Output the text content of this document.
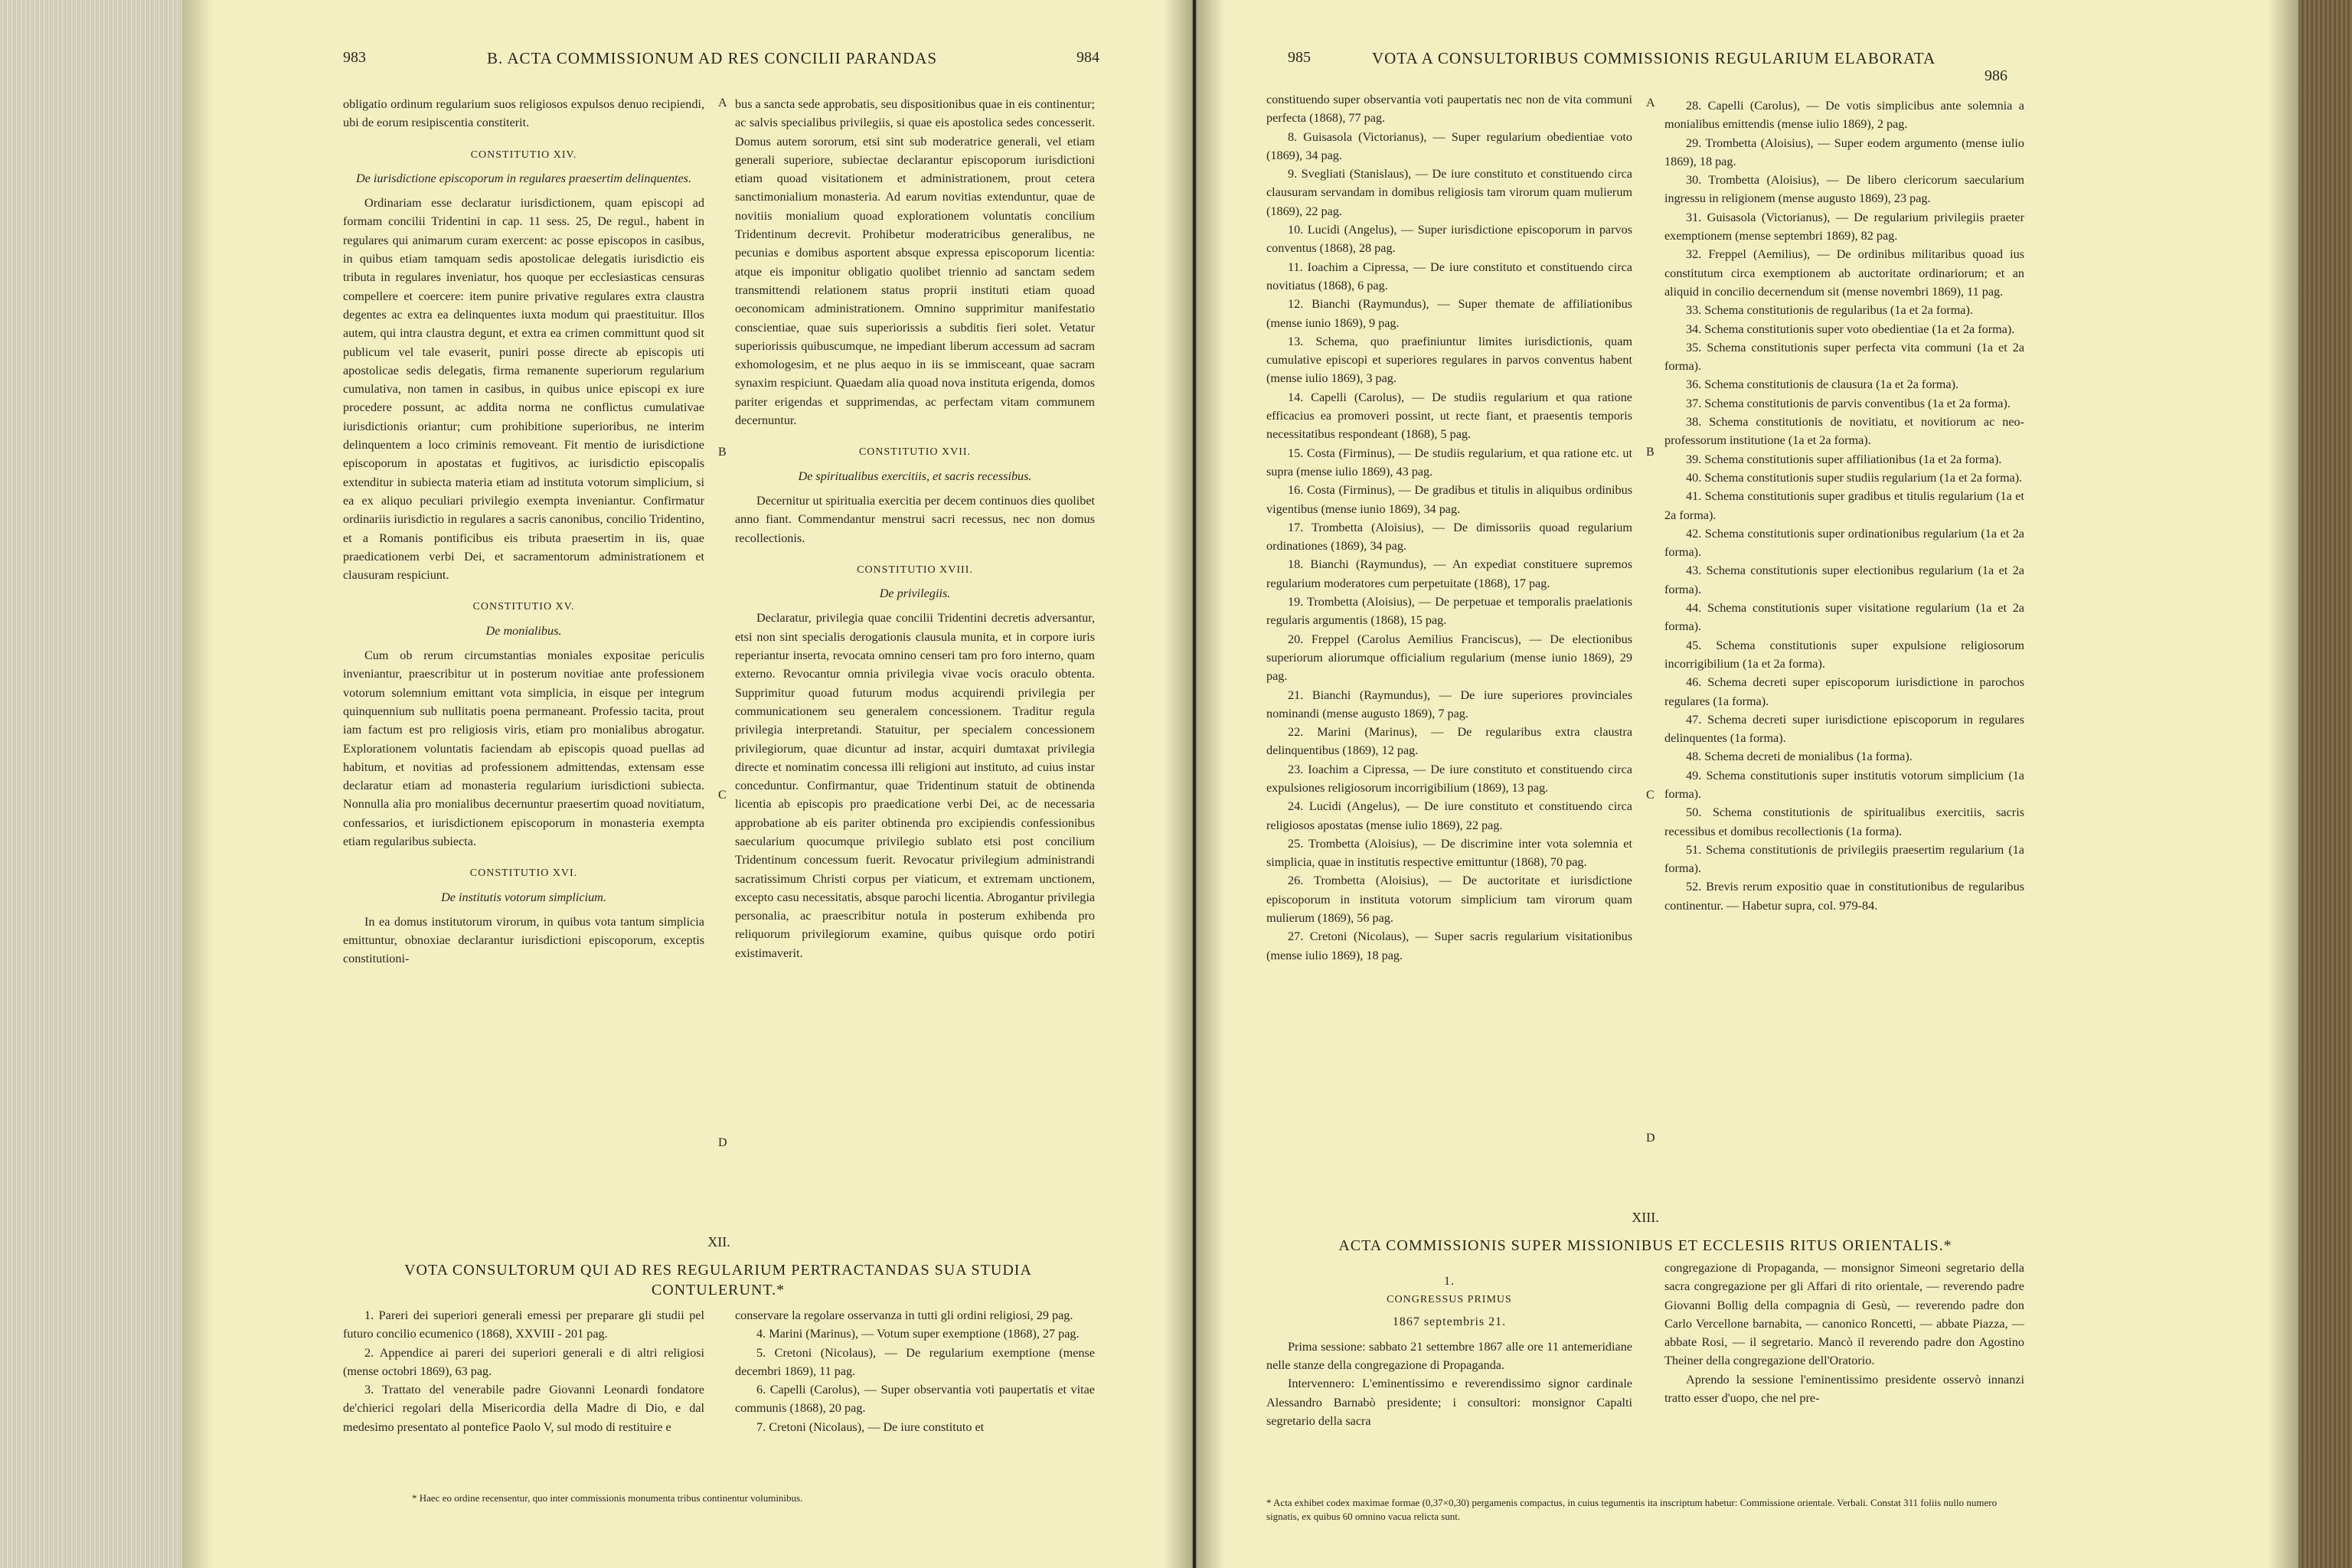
983	B. ACTA COMMISSIONUM AD RES CONCILII PARANDAS	984

obligatio ordinum regularium suos religiosos expulsos denuo recipiendi, ubi de eorum resipiscentia constiterit.

CONSTITUTIO XIV.
De iurisdictione episcoporum in regulares praesertim delinquentes.

Ordinariam esse declaratur iurisdictionem, quam episcopi ad formam concilii Tridentini in cap. 11 sess. 25, De regul., habent in regulares qui animarum curam exercent: ac posse episcopos in casibus, in quibus etiam tamquam sedis apostolicae delegatis iurisdictio eis tributa in regulares inveniatur, hos quoque per ecclesiasticas censuras compellere et coercere: item punire privative regulares extra claustra degentes ac extra ea delinquentes iuxta modum qui praestituitur. Illos autem, qui intra claustra degunt, et extra ea crimen committunt quod sit publicum vel tale evaserit, puniri posse directe ab episcopis uti apostolicae sedis delegatis, firma remanente superiorum regularium cumulativa, non tamen in casibus, in quibus unice episcopi ex iure procedere possunt, ac addita norma ne conflictus cumulativae iurisdictionis oriantur; cum prohibitione superioribus, ne interim delinquentem a loco criminis removeant. Fit mentio de iurisdictione episcoporum in apostatas et fugitivos, ac iurisdictio episcopalis extenditur in subiecta materia etiam ad instituta votorum simplicium, si ea ex aliquo peculiari privilegio exempta inveniantur. Confirmatur ordinariis iurisdictio in regulares a sacris canonibus, concilio Tridentino, et a Romanis pontificibus eis tributa praesertim in iis, quae praedicationem verbi Dei, et sacramentorum administrationem et clausuram respiciunt.

CONSTITUTIO XV.
De monialibus.

Cum ob rerum circumstantias moniales expositae periculis inveniantur, praescribitur ut in posterum novitiae ante professionem votorum solemnium emittant vota simplicia, in eisque per integrum quinquennium sub nullitatis poena permaneant. Professio tacita, prout iam factum est pro religiosis viris, etiam pro monialibus abrogatur. Explorationem voluntatis faciendam ab episcopis quoad puellas ad habitum, et novitias ad professionem admittendas, extensam esse declaratur etiam ad monasteria regularium iurisdictioni subiecta. Nonnulla alia pro monialibus decernuntur praesertim quoad novitiatum, confessarios, et iurisdictionem episcoporum in monasteria exempta etiam regularibus subiecta.

CONSTITUTIO XVI.
De institutis votorum simplicium.

In ea domus institutorum virorum, in quibus vota tantum simplicia emittuntur, obnoxiae declarantur iurisdictioni episcoporum, exceptis constitutioni-

A
B
C
D

bus a sancta sede approbatis, seu dispositionibus quae in eis continentur; ac salvis specialibus privilegiis, si quae eis apostolica sedes concesserit. Domus autem sororum, etsi sint sub moderatrice generali, vel etiam generali superiore, subiectae declarantur episcoporum iurisdictioni etiam quoad visitationem et administrationem, prout cetera sanctimonialium monasteria. Ad earum novitias extenduntur, quae de novitiis monialium quoad explorationem voluntatis concilium Tridentinum decrevit. Prohibetur moderatricibus generalibus, ne pecunias e domibus asportent absque expressa episcoporum licentia: atque eis imponitur obligatio quolibet triennio ad sanctam sedem transmittendi relationem status proprii instituti etiam quoad oeconomicam administrationem. Omnino supprimitur manifestatio conscientiae, quae suis superiorissis a subditis fieri solet. Vetatur superiorissis quibuscumque, ne impediant liberum accessum ad sacram exhomologesim, et ne plus aequo in iis se immisceant, quae sacram synaxim respiciunt. Quaedam alia quoad nova instituta erigenda, domos pariter erigendas et supprimendas, ac perfectam vitam communem decernuntur.

CONSTITUTIO XVII.
De spiritualibus exercitiis, et sacris recessibus.

Decernitur ut spiritualia exercitia per decem continuos dies quolibet anno fiant. Commendantur menstrui sacri recessus, nec non domus recollectionis.

CONSTITUTIO XVIII.
De privilegiis.

Declaratur, privilegia quae concilii Tridentini decretis adversantur, etsi non sint specialis derogationis clausula munita, et in corpore iuris reperiantur inserta, revocata omnino censeri tam pro foro interno, quam externo. Revocantur omnia privilegia vivae vocis oraculo obtenta. Supprimitur quoad futurum modus acquirendi privilegia per communicationem seu generalem concessionem. Traditur regula privilegia interpretandi. Statuitur, per specialem concessionem privilegiorum, quae dicuntur ad instar, acquiri dumtaxat privilegia directe et nominatim concessa illi religioni aut instituto, ad cuius instar conceduntur. Confirmantur, quae Tridentinum statuit de obtinenda licentia ab episcopis pro praedicatione verbi Dei, ac de necessaria approbatione ab eis pariter obtinenda pro excipiendis confessionibus saecularium quocumque privilegio sublato etsi post concilium Tridentinum concessum fuerit. Revocatur privilegium administrandi sacratissimum Christi corpus per viaticum, et extremam unctionem, excepto casu necessitatis, absque parochi licentia. Abrogantur privilegia personalia, ac praescribitur notula in posterum exhibenda pro reliquorum privilegiorum examine, quibus quisque ordo potiri existimaverit.

XII.
VOTA CONSULTORUM QUI AD RES REGULARIUM PERTRACTANDAS SUA STUDIA CONTULERUNT.*

1. Pareri dei superiori generali emessi per preparare gli studii pel futuro concilio ecumenico (1868), XXVIII - 201 pag.

2. Appendice ai pareri dei superiori generali e di altri religiosi (mense octobri 1869), 63 pag.

3. Trattato del venerabile padre Giovanni Leonardi fondatore de'chierici regolari della Misericordia della Madre di Dio, e dal medesimo presentato al pontefice Paolo V, sul modo di restituire e

conservare la regolare osservanza in tutti gli ordini religiosi, 29 pag.

4. Marini (Marinus), — Votum super exemptione (1868), 27 pag.

5. Cretoni (Nicolaus), — De regularium exemptione (mense decembri 1869), 11 pag.

6. Capelli (Carolus), — Super observantia voti paupertatis et vitae communis (1868), 20 pag.

7. Cretoni (Nicolaus), — De iure constituto et

* Haec eo ordine recensentur, quo inter commissionis monumenta tribus continentur voluminibus.
985	VOTA A CONSULTORIBUS COMMISSIONIS REGULARIUM ELABORATA
986

constituendo super observantia voti paupertatis nec non de vita communi perfecta (1868), 77 pag.

8. Guisasola (Victorianus), — Super regularium obedientiae voto (1869), 34 pag.

9. Svegliati (Stanislaus), — De iure constituto et constituendo circa clausuram servandam in domibus religiosis tam virorum quam mulierum (1869), 22 pag.

10. Lucidi (Angelus), — Super iurisdictione episcoporum in parvos conventus (1868), 28 pag.

11. Ioachim a Cipressa, — De iure constituto et constituendo circa novitiatus (1868), 6 pag.

12. Bianchi (Raymundus), — Super themate de affiliationibus (mense iunio 1869), 9 pag.

13. Schema, quo praefiniuntur limites iurisdictionis, quam cumulative episcopi et superiores regulares in parvos conventus habent (mense iulio 1869), 3 pag.

14. Capelli (Carolus), — De studiis regularium et qua ratione efficacius ea promoveri possint, ut recte fiant, et praesentis temporis necessitatibus respondeant (1868), 5 pag.

15. Costa (Firminus), — De studiis regularium, et qua ratione etc. ut supra (mense iulio 1869), 43 pag.

16. Costa (Firminus), — De gradibus et titulis in aliquibus ordinibus vigentibus (mense iunio 1869), 34 pag.

17. Trombetta (Aloisius), — De dimissoriis quoad regularium ordinationes (1869), 34 pag.

18. Bianchi (Raymundus), — An expediat constituere supremos regularium moderatores cum perpetuitate (1868), 17 pag.

19. Trombetta (Aloisius), — De perpetuae et temporalis praelationis regularis argumentis (1868), 15 pag.

20. Freppel (Carolus Aemilius Franciscus), — De electionibus superiorum aliorumque officialium regularium (mense iunio 1869), 29 pag.

21. Bianchi (Raymundus), — De iure superiores provinciales nominandi (mense augusto 1869), 7 pag.

22. Marini (Marinus), — De regularibus extra claustra delinquentibus (1869), 12 pag.

23. Ioachim a Cipressa, — De iure constituto et constituendo circa expulsiones religiosorum incorrigibilium (1869), 13 pag.

24. Lucidi (Angelus), — De iure constituto et constituendo circa religiosos apostatas (mense iulio 1869), 22 pag.

25. Trombetta (Aloisius), — De discrimine inter vota solemnia et simplicia, quae in institutis respective emittuntur (1868), 70 pag.

26. Trombetta (Aloisius), — De auctoritate et iurisdictione episcoporum in instituta votorum simplicium tam virorum quam mulierum (1869), 56 pag.

27. Cretoni (Nicolaus), — Super sacris regularium visitationibus (mense iulio 1869), 18 pag.

A
B
C
D

28. Capelli (Carolus), — De votis simplicibus ante solemnia a monialibus emittendis (mense iulio 1869), 2 pag.

29. Trombetta (Aloisius), — Super eodem argumento (mense iulio 1869), 18 pag.

30. Trombetta (Aloisius), — De libero clericorum saecularium ingressu in religionem (mense augusto 1869), 23 pag.

31. Guisasola (Victorianus), — De regularium privilegiis praeter exemptionem (mense septembri 1869), 82 pag.

32. Freppel (Aemilius), — De ordinibus militaribus quoad ius constitutum circa exemptionem ab auctoritate ordinariorum; et an aliquid in concilio decernendum sit (mense novembri 1869), 11 pag.

33. Schema constitutionis de regularibus (1a et 2a forma).

34. Schema constitutionis super voto obedientiae (1a et 2a forma).

35. Schema constitutionis super perfecta vita communi (1a et 2a forma).

36. Schema constitutionis de clausura (1a et 2a forma).

37. Schema constitutionis de parvis conventibus (1a et 2a forma).

38. Schema constitutionis de novitiatu, et novitiorum ac neo-professorum institutione (1a et 2a forma).

39. Schema constitutionis super affiliationibus (1a et 2a forma).

40. Schema constitutionis super studiis regularium (1a et 2a forma).

41. Schema constitutionis super gradibus et titulis regularium (1a et 2a forma).

42. Schema constitutionis super ordinationibus regularium (1a et 2a forma).

43. Schema constitutionis super electionibus regularium (1a et 2a forma).

44. Schema constitutionis super visitatione regularium (1a et 2a forma).

45. Schema constitutionis super expulsione religiosorum incorrigibilium (1a et 2a forma).

46. Schema decreti super episcoporum iurisdictione in parochos regulares (1a forma).

47. Schema decreti super iurisdictione episcoporum in regulares delinquentes (1a forma).

48. Schema decreti de monialibus (1a forma).

49. Schema constitutionis super institutis votorum simplicium (1a forma).

50. Schema constitutionis de spiritualibus exercitiis, sacris recessibus et domibus recollectionis (1a forma).

51. Schema constitutionis de privilegiis praesertim regularium (1a forma).

52. Brevis rerum expositio quae in constitutionibus de regularibus continentur. — Habetur supra, col. 979-84.

XIII.
ACTA COMMISSIONIS SUPER MISSIONIBUS ET ECCLESIIS RITUS ORIENTALIS.*
1.
CONGRESSUS PRIMUS
1867 septembris 21.

Prima sessione: sabbato 21 settembre 1867 alle ore 11 antemeridiane nelle stanze della congregazione di Propaganda.

Intervennero: L'eminentissimo e reverendissimo signor cardinale Alessandro Barnabò presidente; i consultori: monsignor Capalti segretario della sacra

congregazione di Propaganda, — monsignor Simeoni segretario della sacra congregazione per gli Affari di rito orientale, — reverendo padre Giovanni Bollig della compagnia di Gesù, — reverendo padre don Carlo Vercellone barnabita, — canonico Roncetti, — abbate Piazza, — abbate Rosi, — il segretario. Mancò il reverendo padre don Agostino Theiner della congregazione dell'Oratorio.

Aprendo la sessione l'eminentissimo presidente osservò innanzi tratto esser d'uopo, che nel pre-

* Acta exhibet codex maximae formae (0,37×0,30) pergamenis compactus, in cuius tegumentis ita inscriptum habetur: Commissione orientale. Verbali. Constat 311 foliis nullo numero signatis, ex quibus 60 omnino vacua relicta sunt.
